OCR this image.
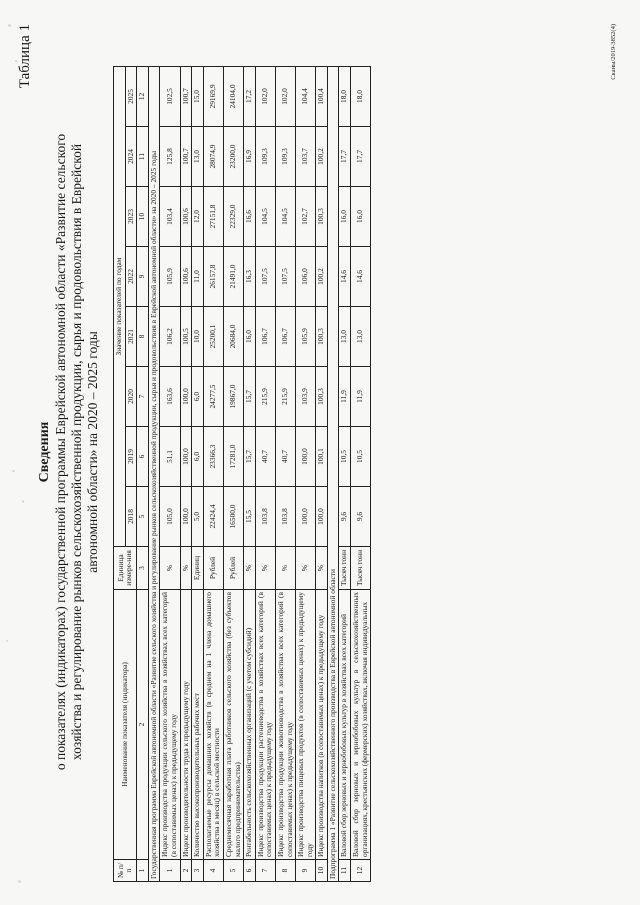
Таблица 1
Сведения о показателях (индикаторах) государственной программы Еврейской автономной области «Развитие сельского хозяйства и регулирование рынков сельскохозяйственной продукции, сырья и продовольствия в Еврейской автономной области» на 2020 – 2025 годы
№ п/п	Наименование показателя (индикатора)	Единица измере-ния	Значение показателей по годам							
			2018	2019	2020	2021	2022	2023	2024	2025
1	2	3	5	6	7	8	9	10	11	12
Государственная программа Еврейской автономной области «Развитие сельского хозяйства и регулирование рынков сельскохозяйственной продукции, сырья и продовольствия в Еврейской автономной области» на 2020 – 2025 годы										
1	Индекс производства продукции сельского хозяйства в хозяйствах всех категорий (в сопоставимых ценах) к предыдущему году	%	105,0	51,1	163,6	106,2	105,9	103,4	125,8	102,5
2	Индекс производительности труда к предыдущему году	%	100,0	100,0	100,0	100,5	100,6	100,6	100,7	100,7
3	Количество высокопроизводительных рабочих мест	Единиц	5,0	6,0	6,0	10,0	11,0	12,0	13,0	15,0
4	Располагаемые ресурсы домашних хозяйств (в среднем на 1 члена домашнего хозяйства в месяц) в сельской местности	Рублей	22424,4	23366,3	24277,5	25200,1	26157,8	27151,8	28074,9	29169,9
5	Среднемесячная заработная плата работников сельского хозяйства (без субъектов малого предпринимательства)	Рублей	16500,0	17281,0	19867,0	20684,0	21491,0	22329,0	23200,0	24104,0
6	Рентабельность сельскохозяйственных организаций (с учетом субсидий)	%	15,5	15,7	15,7	16,0	16,3	16,6	16,9	17,2
7	Индекс производства продукции растениеводства в хозяйствах всех категорий (в сопоставимых ценах) к предыдущему году	%	103,8	40,7	215,9	106,7	107,5	104,5	109,3	102,0
8	Индекс производства продукции животноводства в хозяйствах всех категорий (в сопоставимых ценах) к предыдущему году	%	103,8	40,7	215,9	106,7	107,5	104,5	109,3	102,0
9	Индекс производства пищевых продуктов (в сопоставимых ценах) к предыдущему году	%	100,0	100,0	103,9	105,9	106,0	102,7	103,7	104,4
10	Индекс производства напитков (в сопоставимых ценах) к предыдущему году	%	100,0	100,1	100,3	100,3	100,2	100,3	100,2	100,4
Подпрограмма 1 «Развитие сельскохозяйственного производства в Еврейской автономной области										
11	Валовой сбор зерновых и зернобобовых культур в хозяйствах всех категорий	Тысяч тонн	9,6	10,5	11,9	13,0	14,6	16,0	17,7	18,0
12	Валовой сбор зерновых и зернобобовых культур в сельскохозяйственных организациях, крестьянских (фермерских) хозяйствах, включая индивидуальных	Тысяч тонн	9,6	10,5	11,9	13,0	14,6	16,0	17,7	18,0
Сканы/2019-3852(4)
